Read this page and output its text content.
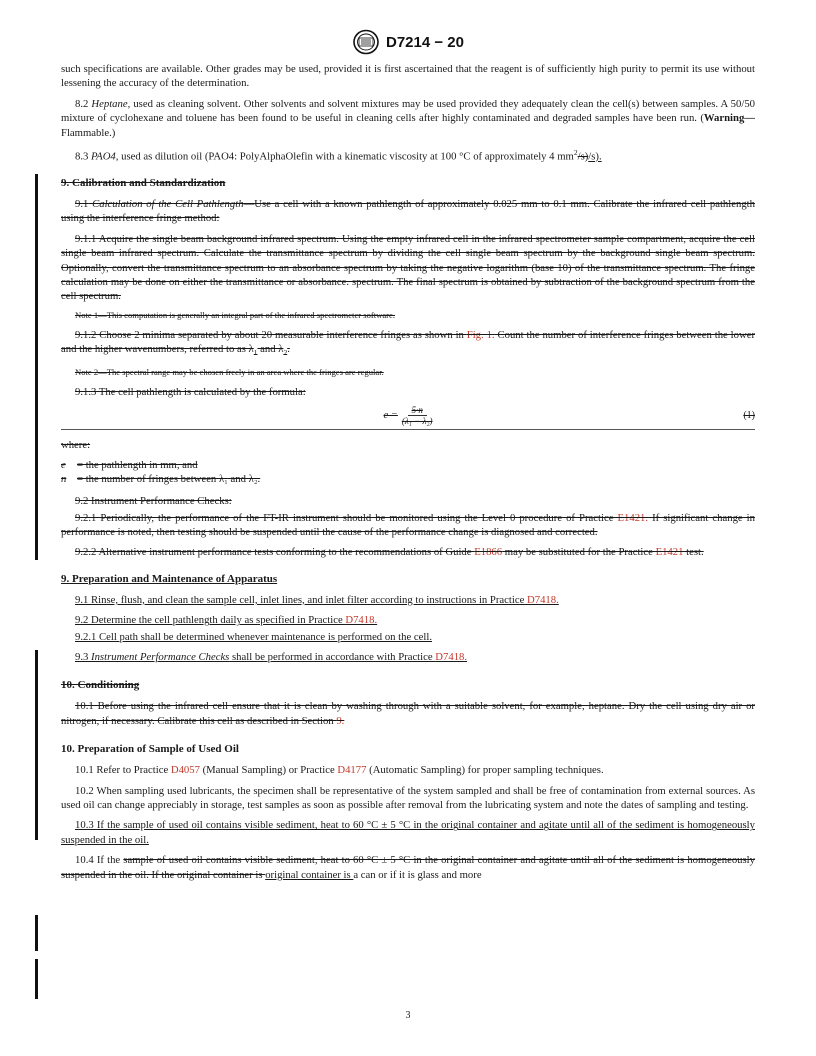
D7214 − 20

such specifications are available. Other grades may be used, provided it is first ascertained that the reagent is of sufficiently high purity to permit its use without lessening the accuracy of the determination.

8.2 Heptane, used as cleaning solvent. Other solvents and solvent mixtures may be used provided they adequately clean the cell(s) between samples. A 50/50 mixture of cyclohexane and toluene has been found to be useful in cleaning cells after highly contaminated and degraded samples have been run. (Warning—Flammable.)

8.3 PAO4, used as dilution oil (PAO4: PolyAlphaOlefin with a kinematic viscosity at 100 °C of approximately 4 $mm^2/s)/s$).

9. Calibration and Standardization

9.1 Calculation of the Cell Pathlength—Use a cell with a known pathlength of approximately 0.025 mm to 0.1 mm. Calibrate the infrared cell pathlength using the interference fringe method:

9.1.1 Acquire the single beam background infrared spectrum. Using the empty infrared cell in the infrared spectrometer sample compartment, acquire the cell single beam infrared spectrum. Calculate the transmittance spectrum by dividing the cell single beam spectrum by the background single beam spectrum. Optionally, convert the transmittance spectrum to an absorbance spectrum by taking the negative logarithm (base 10) of the transmittance spectrum. The fringe calculation may be done on either the transmittance or absorbance. spectrum. The final spectrum is obtained by subtraction of the background spectrum from the cell spectrum.

Note 1—This computation is generally an integral part of the infrared spectrometer software.

9.1.2 Choose 2 minima separated by about 20 measurable interference fringes as shown in Fig. 1. Count the number of interference fringes between the lower and the higher wavenumbers, referred to as $\lambda_1$ and $\lambda_2$.

Note 2—The spectral range may be chosen freely in an area where the fringes are regular.

9.1.3 The cell pathlength is calculated by the formula:

$e = \frac{5\cdot n}{\text{(λ₁ − λ₂)}}$	(1)
where:
e	= the pathlength in mm, and
n = the number of fringes between λ₁ and λ₂.

9.2 Instrument Performance Checks:

9.2.1 Periodically, the performance of the FT-IR instrument should be monitored using the Level 0 procedure of Practice E1421. If significant change in performance is noted, then testing should be suspended until the cause of the performance change is diagnosed and corrected.

9.2.2 Alternative instrument performance tests conforming to the recommendations of Guide E1866 may be substituted for the Practice E1421 test.

9. Preparation and Maintenance of Apparatus

9.1 Rinse, flush, and clean the sample cell, inlet lines, and inlet filter according to instructions in Practice D7418.

9.2 Determine the cell pathlength daily as specified in Practice D7418.

9.2.1 Cell path shall be determined whenever maintenance is performed on the cell.

9.3 Instrument Performance Checks shall be performed in accordance with Practice D7418.

10. Conditioning

10.1 Before using the infrared cell ensure that it is clean by washing through with a suitable solvent, for example, heptane. Dry the cell using dry air or nitrogen, if necessary. Calibrate this cell as described in Section 9.

10. Preparation of Sample of Used Oil

10.1 Refer to Practice D4057 (Manual Sampling) or Practice D4177 (Automatic Sampling) for proper sampling techniques.

10.2 When sampling used lubricants, the specimen shall be representative of the system sampled and shall be free of contamination from external sources. As used oil can change appreciably in storage, test samples as soon as possible after removal from the lubricating system and note the dates of sampling and testing.

10.3 If the sample of used oil contains visible sediment, heat to 60 °C ± 5 °C in the original container and agitate until all of the sediment is homogeneously suspended in the oil.

10.4 If the sample of used oil contains visible sediment, heat to 60 °C ± 5 °C in the original container and agitate until all of the sediment is homogeneously suspended in the oil. If the original container is original container is a can or if it is glass and more

3
